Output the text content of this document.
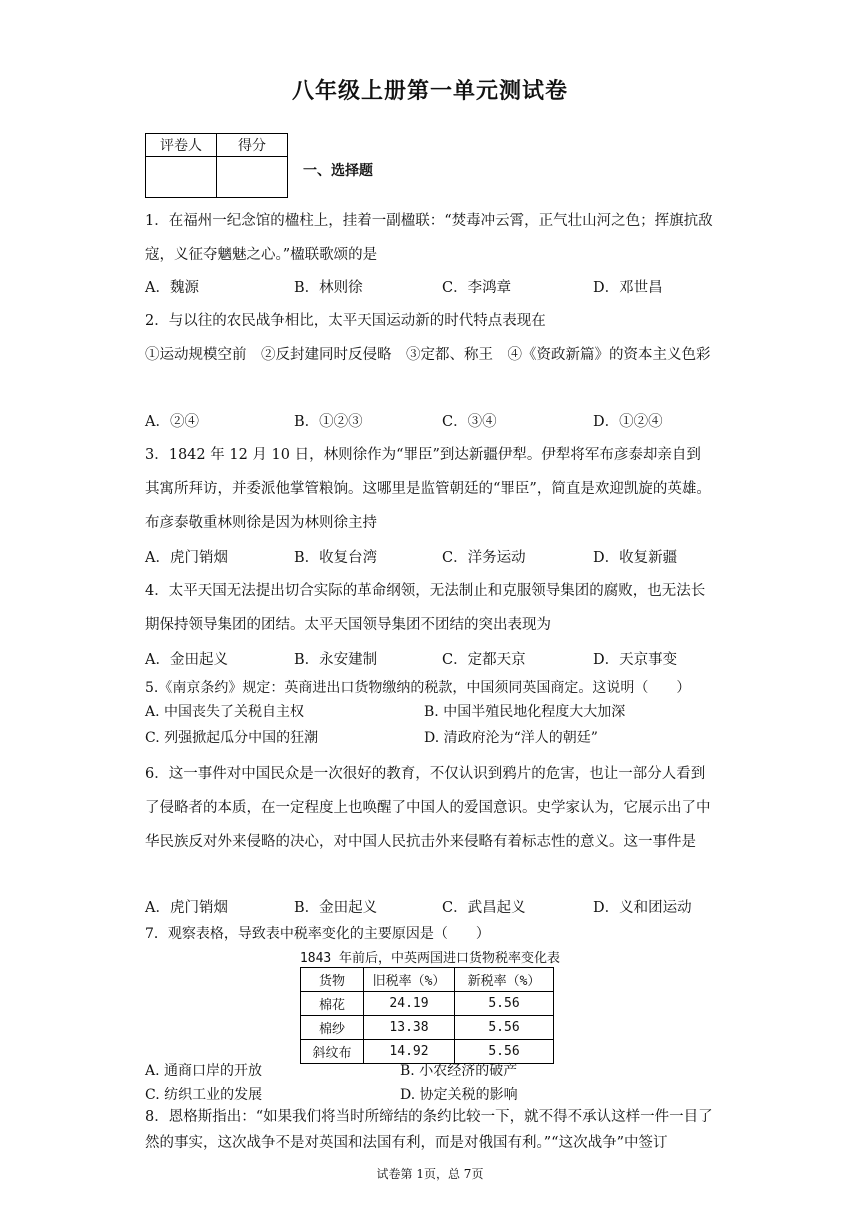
八年级上册第一单元测试卷
评卷人	得分

一、选择题
1．在福州一纪念馆的楹柱上，挂着一副楹联：“焚毒冲云霄，正气壮山河之色；挥旗抗敌寇，义征夺魑魅之心。”楹联歌颂的是
A．魏源	B．林则徐	C．李鸿章	D．邓世昌
2．与以往的农民战争相比，太平天国运动新的时代特点表现在
①运动规模空前　②反封建同时反侵略　③定都、称王　④《资政新篇》的资本主义色彩
A．②④	B．①②③	C．③④	D．①②④
3．1842 年 12 月 10 日，林则徐作为“罪臣”到达新疆伊犁。伊犁将军布彦泰却亲自到其寓所拜访，并委派他掌管粮饷。这哪里是监管朝廷的“罪臣”，简直是欢迎凯旋的英雄。布彦泰敬重林则徐是因为林则徐主持
A．虎门销烟	B．收复台湾	C．洋务运动	D．收复新疆
4．太平天国无法提出切合实际的革命纲领，无法制止和克服领导集团的腐败，也无法长期保持领导集团的团结。太平天国领导集团不团结的突出表现为
A．金田起义	B．永安建制	C．定都天京	D．天京事变
5.《南京条约》规定：英商进出口货物缴纳的税款，中国须同英国商定。这说明（　　）
A. 中国丧失了关税自主权	B. 中国半殖民地化程度大大加深
C. 列强掀起瓜分中国的狂潮	D. 清政府沦为“洋人的朝廷”
6．这一事件对中国民众是一次很好的教育，不仅认识到鸦片的危害，也让一部分人看到了侵略者的本质，在一定程度上也唤醒了中国人的爱国意识。史学家认为，它展示出了中华民族反对外来侵略的决心，对中国人民抗击外来侵略有着标志性的意义。这一事件是
A．虎门销烟	B．金田起义	C．武昌起义	D．义和团运动
7．观察表格，导致表中税率变化的主要原因是（　　）
1843 年前后，中英两国进口货物税率变化表
货物	旧税率（%）	新税率（%）
棉花	24.19	5.56
棉纱	13.38	5.56
斜纹布	14.92	5.56
A. 通商口岸的开放	B. 小农经济的破产
C. 纺织工业的发展	D. 协定关税的影响
8．恩格斯指出：“如果我们将当时所缔结的条约比较一下，就不得不承认这样一件一目了然的事实，这次战争不是对英国和法国有利，而是对俄国有利。”“这次战争”中签订
试卷第 1页，总 7页
